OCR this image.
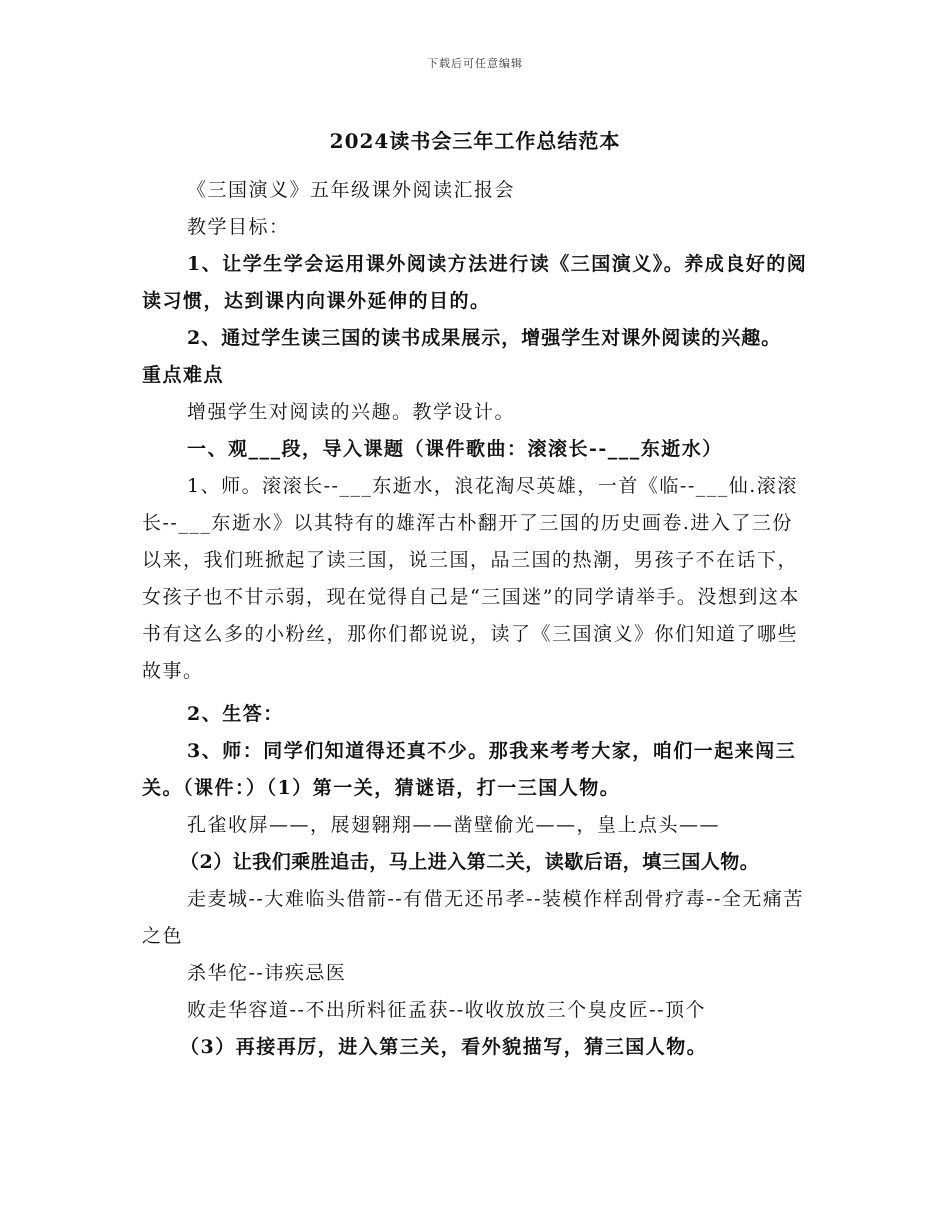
下载后可任意编辑
2024读书会三年工作总结范本

《三国演义》五年级课外阅读汇报会

教学目标：

1、让学生学会运用课外阅读方法进行读《三国演义》。养成良好的阅读习惯，达到课内向课外延伸的目的。

2、通过学生读三国的读书成果展示，增强学生对课外阅读的兴趣。

重点难点

增强学生对阅读的兴趣。教学设计。

一、观___段，导入课题（课件歌曲：滚滚长--___东逝水）

1、师。滚滚长--___东逝水，浪花淘尽英雄，一首《临--___仙.滚滚长--___东逝水》以其特有的雄浑古朴翻开了三国的历史画卷.进入了三份以来，我们班掀起了读三国，说三国，品三国的热潮，男孩子不在话下，女孩子也不甘示弱，现在觉得自己是“三国迷”的同学请举手。没想到这本书有这么多的小粉丝，那你们都说说，读了《三国演义》你们知道了哪些故事。

2、生答：

3、师：同学们知道得还真不少。那我来考考大家，咱们一起来闯三关。（课件：）（1）第一关，猜谜语，打一三国人物。

孔雀收屏——，展翅翱翔——凿壁偷光——，皇上点头——

（2）让我们乘胜追击，马上进入第二关，读歇后语，填三国人物。

走麦城--大难临头借箭--有借无还吊孝--装模作样刮骨疗毒--全无痛苦之色

杀华佗--讳疾忌医

败走华容道--不出所料征孟获--收收放放三个臭皮匠--顶个

（3）再接再厉，进入第三关，看外貌描写，猜三国人物。
